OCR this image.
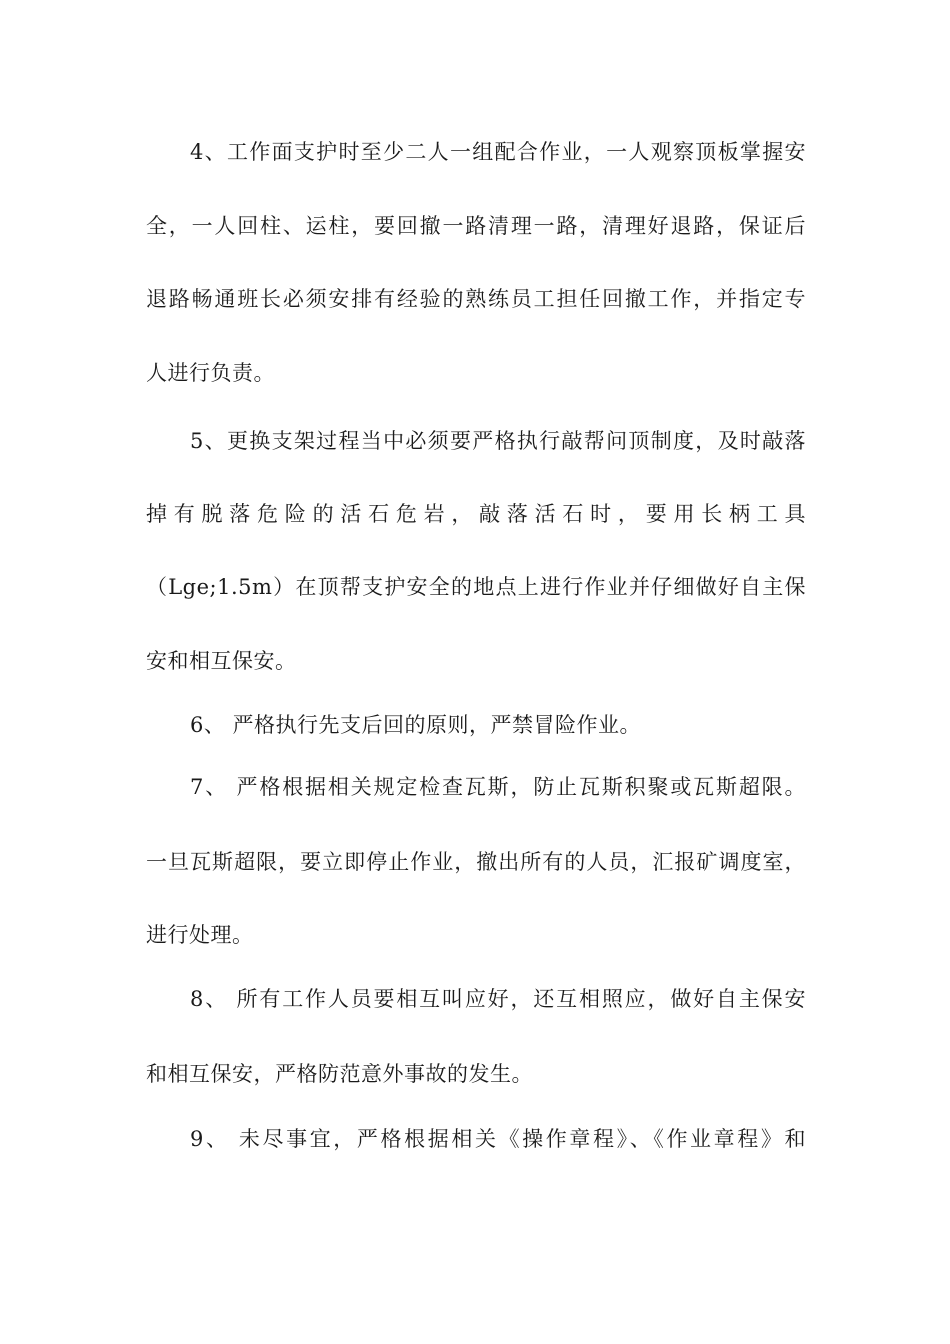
4、工作面支护时至少二人一组配合作业，一人观察顶板掌握安
全，一人回柱、运柱，要回撤一路清理一路，清理好退路，保证后
退路畅通班长必须安排有经验的熟练员工担任回撤工作，并指定专
人进行负责。
5、更换支架过程当中必须要严格执行敲帮问顶制度，及时敲落
掉有脱落危险的活石危岩，敲落活石时，要用长柄工具
（Lge;1.5m）在顶帮支护安全的地点上进行作业并仔细做好自主保
安和相互保安。
6、 严格执行先支后回的原则，严禁冒险作业。
7、 严格根据相关规定检查瓦斯，防止瓦斯积聚或瓦斯超限。
一旦瓦斯超限，要立即停止作业，撤出所有的人员，汇报矿调度室，
进行处理。
8、 所有工作人员要相互叫应好，还互相照应，做好自主保安
和相互保安，严格防范意外事故的发生。
9、 未尽事宜，严格根据相关《操作章程》、《作业章程》和
